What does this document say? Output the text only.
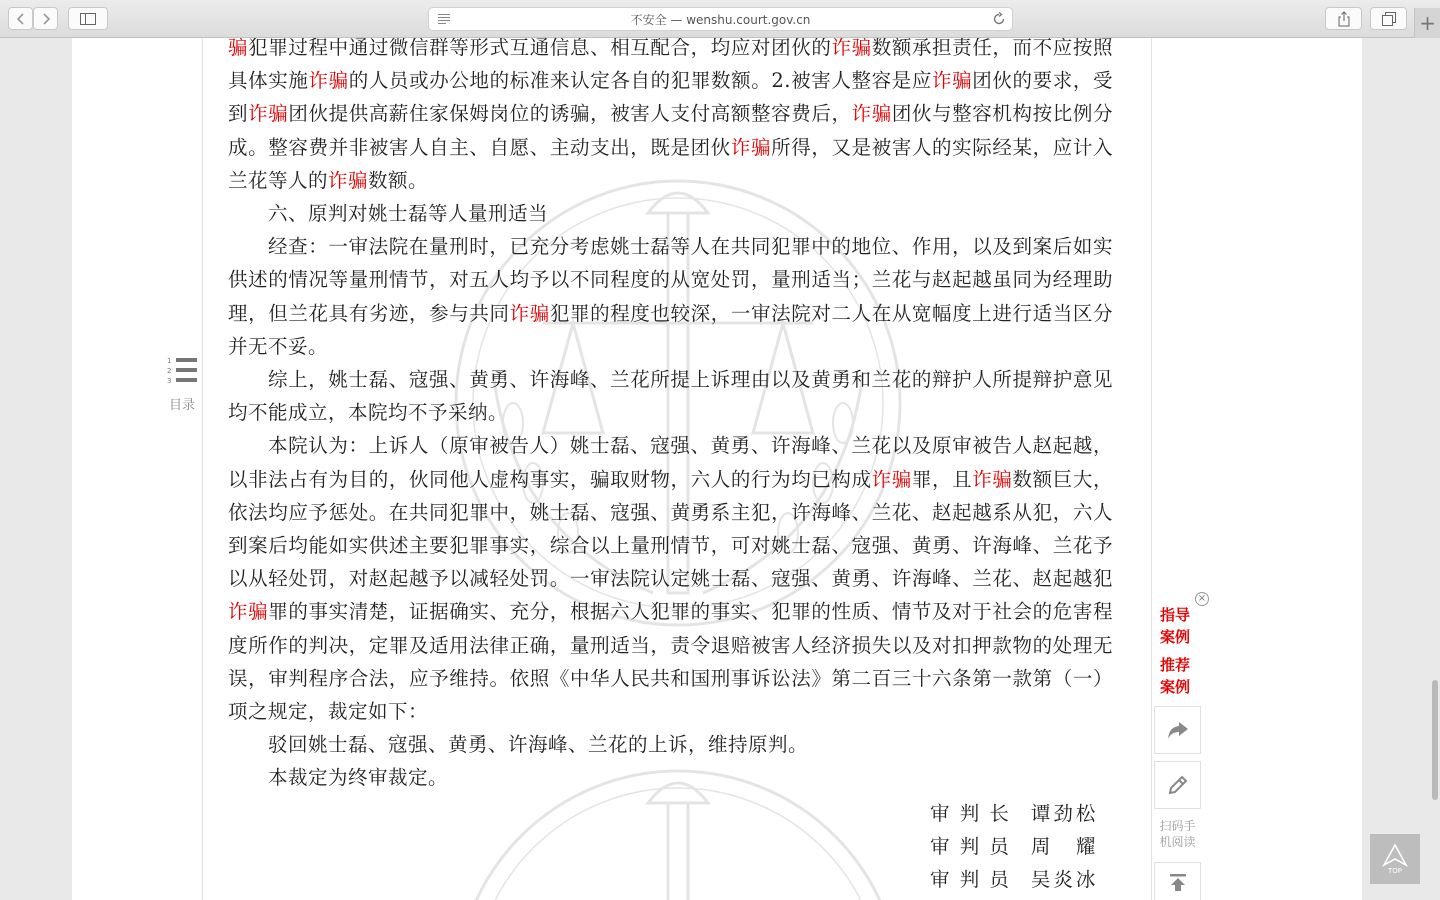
不安全 — wenshu.court.gov.cn	+

骗犯罪过程中通过微信群等形式互通信息、相互配合，均应对团伙的诈骗数额承担责任，而不应按照具体实施诈骗的人员或办公地的标准来认定各自的犯罪数额。2.被害人整容是应诈骗团伙的要求，受到诈骗团伙提供高薪住家保姆岗位的诱骗，被害人支付高额整容费后，诈骗团伙与整容机构按比例分成。整容费并非被害人自主、自愿、主动支出，既是团伙诈骗所得，又是被害人的实际经某，应计入兰花等人的诈骗数额。

六、原判对姚士磊等人量刑适当

经查：一审法院在量刑时，已充分考虑姚士磊等人在共同犯罪中的地位、作用，以及到案后如实供述的情况等量刑情节，对五人均予以不同程度的从宽处罚，量刑适当；兰花与赵起越虽同为经理助理，但兰花具有劣迹，参与共同诈骗犯罪的程度也较深，一审法院对二人在从宽幅度上进行适当区分并无不妥。

综上，姚士磊、寇强、黄勇、许海峰、兰花所提上诉理由以及黄勇和兰花的辩护人所提辩护意见均不能成立，本院均不予采纳。

本院认为：上诉人（原审被告人）姚士磊、寇强、黄勇、许海峰、兰花以及原审被告人赵起越，以非法占有为目的，伙同他人虚构事实，骗取财物，六人的行为均已构成诈骗罪，且诈骗数额巨大，依法均应予惩处。在共同犯罪中，姚士磊、寇强、黄勇系主犯，许海峰、兰花、赵起越系从犯，六人到案后均能如实供述主要犯罪事实，综合以上量刑情节，可对姚士磊、寇强、黄勇、许海峰、兰花予以从轻处罚，对赵起越予以减轻处罚。一审法院认定姚士磊、寇强、黄勇、许海峰、兰花、赵起越犯诈骗罪的事实清楚，证据确实、充分，根据六人犯罪的事实、犯罪的性质、情节及对于社会的危害程度所作的判决，定罪及适用法律正确，量刑适当，责令退赔被害人经济损失以及对扣押款物的处理无误，审判程序合法，应予维持。依照《中华人民共和国刑事诉讼法》第二百三十六条第一款第（一）项之规定，裁定如下：

驳回姚士磊、寇强、黄勇、许海峰、兰花的上诉，维持原判。

本裁定为终审裁定。

审 判 长 谭劲松
审 判 员 周　耀
审 判 员 吴炎冰
1
2
3
目录
×
指导
案例
推荐
案例
扫码手
机阅读
TOP
